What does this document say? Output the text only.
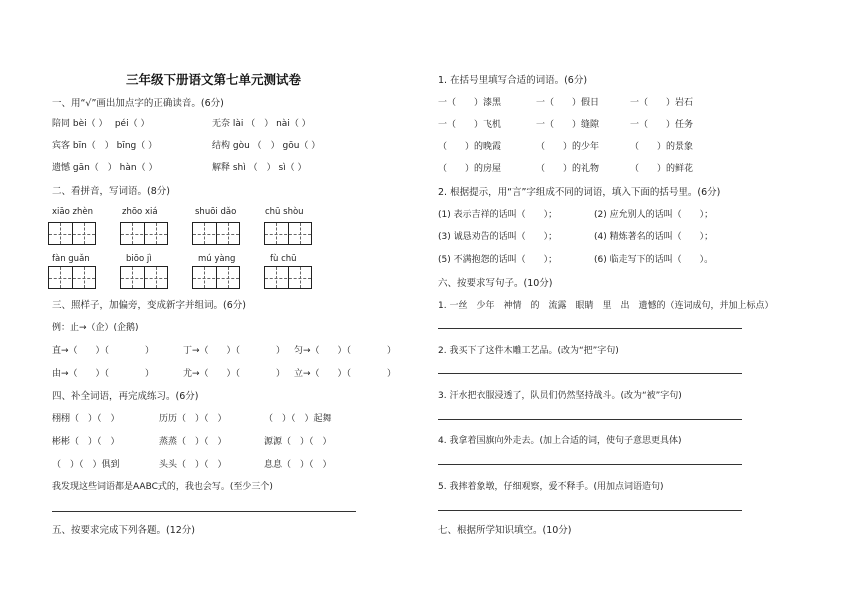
三年级下册语文第七单元测试卷
一、用“√”画出加点字的正确读音。(6分)
陪同 bèi（ ）　 péi（ ）	无奈 lài （　） nài（ ）
宾客 bīn（　） bīng（ ）	结构 gòu （　） gōu（ ）
遗憾 gān（　） hàn（ ）	解释 shì （　） sì（ ）
二、看拼音，写词语。(8分)
xiāo zhèn	zhōo xiá	shuōi dǎo	chū shòu
fàn guǎn	biōo jì	mú yàng	fù chū
三、照样子，加偏旁，变成新字并组词。(6分)
例：止→（企）(企鹅)
直→（　　）（　　　　）	丁→（　　）（　　　　） 匀→（　　）（　　　　）
由→（　　）（　　　　）	尤→（　　）（　　　　） 立→（　　）（　　　　）
四、补全词语，再完成练习。(6分)
栩栩（　）（　）	历历（　）（　）	（　）（　）起舞
彬彬（　）（　）	蒸蒸（　）（　）	源源（　）（　）
（　）（　）俱到	头头（　）（　）	息息（　）（　）
我发现这些词语都是AABC式的，我也会写。(至少三个)
五、按要求完成下列各题。(12分)
1. 在括号里填写合适的词语。(6分)
一（　　）漆黑	一（　　）假日	一（　　）岩石
一（　　）飞机	一（　　）缝隙	一（　　）任务
（　　）的晚霞	（　　）的少年	（　　）的景象
（　　）的房屋	（　　）的礼物	（　　）的鲜花
2. 根据提示，用“言”字组成不同的词语，填入下面的括号里。(6分)
(1) 表示吉祥的话叫（　　）；	(2) 应允别人的话叫（　　）；
(3) 诚恳劝告的话叫（　　）；	(4) 精炼著名的话叫（　　）；
(5) 不满抱怨的话叫（　　）；	(6) 临走写下的话叫（　　）。
六、按要求写句子。(10分)
1. 一丝　少年　神情　的　流露　眼睛　里　出　遗憾的（连词成句，并加上标点）
2. 我买下了这件木雕工艺品。(改为“把”字句)
3. 汗水把衣服浸透了，队员们仍然坚持战斗。(改为“被”字句)
4. 我拿着国旗向外走去。(加上合适的词，使句子意思更具体)
5. 我摔着象墩，仔细观察，爱不释手。(用加点词语造句)
七、根据所学知识填空。(10分)
